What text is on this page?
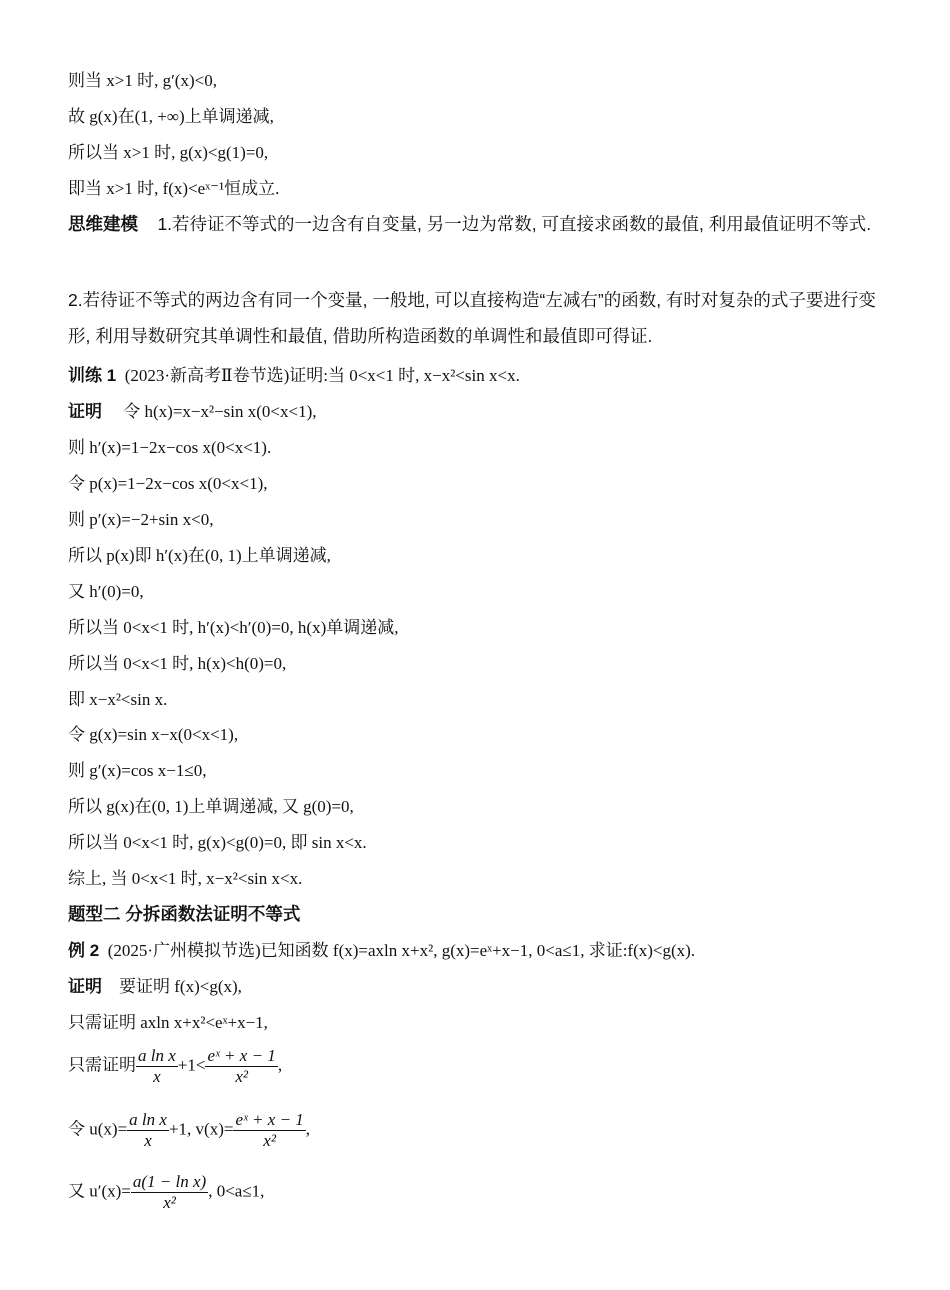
则当 x>1 时, g′(x)<0,
故 g(x)在(1, +∞)上单调递减,
所以当 x>1 时, g(x)<g(1)=0,
即当 x>1 时, f(x)<eˣ⁻¹恒成立.
思维建模 1.若待证不等式的一边含有自变量, 另一边为常数, 可直接求函数的最值, 利用最值证明不等式.
2.若待证不等式的两边含有同一个变量, 一般地, 可以直接构造“左减右”的函数, 有时对复杂的式子要进行变形, 利用导数研究其单调性和最值, 借助所构造函数的单调性和最值即可得证.
训练 1 (2023·新高考Ⅱ卷节选)证明:当 0<x<1 时, x−x²<sin x<x.
证明 令 h(x)=x−x²−sin x(0<x<1),
则 h′(x)=1−2x−cos x(0<x<1).
令 p(x)=1−2x−cos x(0<x<1),
则 p′(x)=−2+sin x<0,
所以 p(x)即 h′(x)在(0, 1)上单调递减,
又 h′(0)=0,
所以当 0<x<1 时, h′(x)<h′(0)=0, h(x)单调递减,
所以当 0<x<1 时, h(x)<h(0)=0,
即 x−x²<sin x.
令 g(x)=sin x−x(0<x<1),
则 g′(x)=cos x−1≤0,
所以 g(x)在(0, 1)上单调递减, 又 g(0)=0,
所以当 0<x<1 时, g(x)<g(0)=0, 即 sin x<x.
综上, 当 0<x<1 时, x−x²<sin x<x.
题型二 分拆函数法证明不等式
例 2 (2025·广州模拟节选)已知函数 f(x)=axln x+x², g(x)=eˣ+x−1, 0<a≤1, 求证:f(x)<g(x).
证明 要证明 f(x)<g(x),
只需证明 axln x+x²<eˣ+x−1,
只需证明 $\frac{\text{a ln x}}{x} +1< \frac{\text{eˣ + x − 1}}{\text{x²}}$ ,
令 $u(x)= \frac{\text{a ln x}}{x} +1$, $v(x)= \frac{\text{eˣ + x − 1}}{\text{x²}}$ ,
又 $u'(x)= \frac{\text{a(1 − ln x)}}{\text{x²}}$ , 0<a≤1,
